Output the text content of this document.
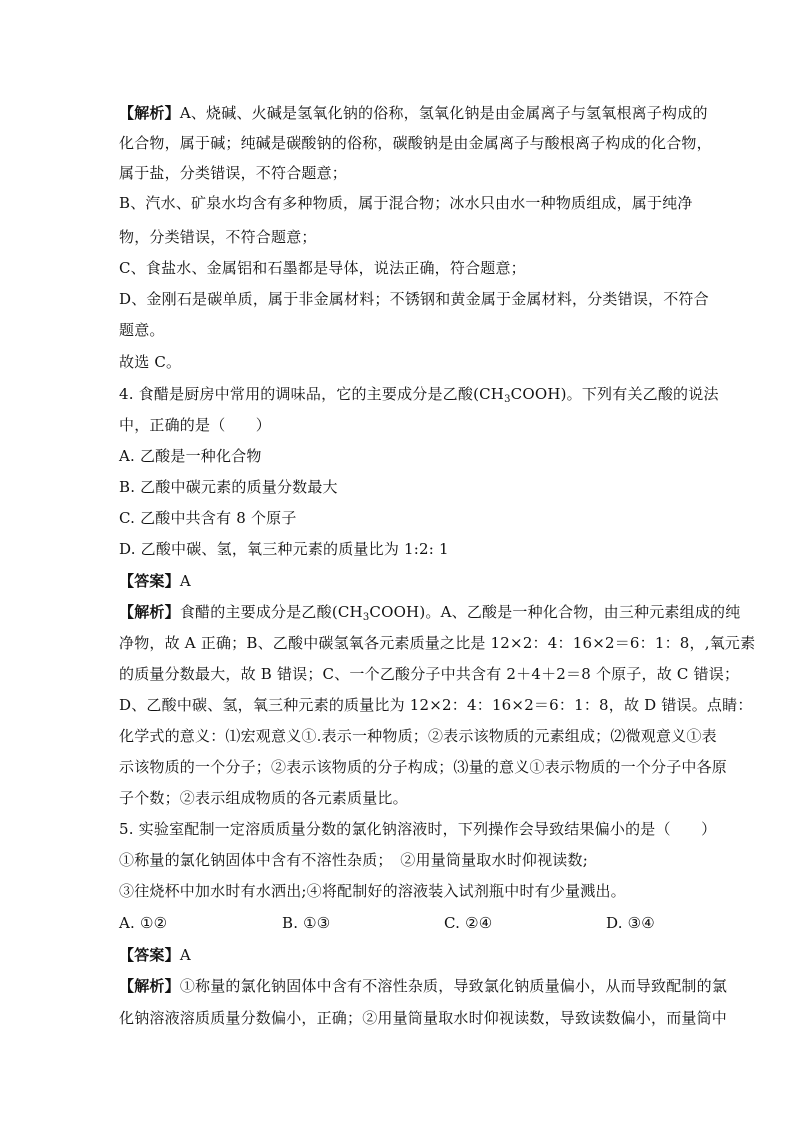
【解析】A、烧碱、火碱是氢氧化钠的俗称，氢氧化钠是由金属离子与氢氧根离子构成的
化合物，属于碱；纯碱是碳酸钠的俗称，碳酸钠是由金属离子与酸根离子构成的化合物，
属于盐，分类错误，不符合题意；
B、汽水、矿泉水均含有多种物质，属于混合物；冰水只由水一种物质组成，属于纯净
物，分类错误，不符合题意；
C、食盐水、金属铝和石墨都是导体，说法正确，符合题意；
D、金刚石是碳单质，属于非金属材料；不锈钢和黄金属于金属材料，分类错误，不符合
题意。
故选 C。
4. 食醋是厨房中常用的调味品，它的主要成分是乙酸$(CH_3COOH)$。下列有关乙酸的说法
中，正确的是（　　）
A. 乙酸是一种化合物
B. 乙酸中碳元素的质量分数最大
C. 乙酸中共含有 8 个原子
D. 乙酸中碳、氢，氧三种元素的质量比为 1:2: 1
【答案】A
【解析】食醋的主要成分是乙酸$(CH_3COOH)$。A、乙酸是一种化合物，由三种元素组成的纯
净物，故 A 正确；B、乙酸中碳氢氧各元素质量之比是 12×2：4：16×2＝6：1：8，,氧元素
的质量分数最大，故 B 错误；C、一个乙酸分子中共含有 2＋4＋2＝8 个原子，故 C 错误；
D、乙酸中碳、氢，氧三种元素的质量比为 12×2：4：16×2＝6：1：8，故 D 错误。点睛：
化学式的意义：⑴宏观意义①.表示一种物质；②表示该物质的元素组成；⑵微观意义①表
示该物质的一个分子；②表示该物质的分子构成；⑶量的意义①表示物质的一个分子中各原
子个数；②表示组成物质的各元素质量比。
5. 实验室配制一定溶质质量分数的氯化钠溶液时，下列操作会导致结果偏小的是（　　）
①称量的氯化钠固体中含有不溶性杂质；　②用量筒量取水时仰视读数;
③往烧杯中加水时有水洒出;④将配制好的溶液装入试剂瓶中时有少量溅出。
A. ①②	B. ①③	C. ②④	D. ③④
【答案】A
【解析】①称量的氯化钠固体中含有不溶性杂质，导致氯化钠质量偏小，从而导致配制的氯
化钠溶液溶质质量分数偏小，正确；②用量筒量取水时仰视读数，导致读数偏小，而量筒中
